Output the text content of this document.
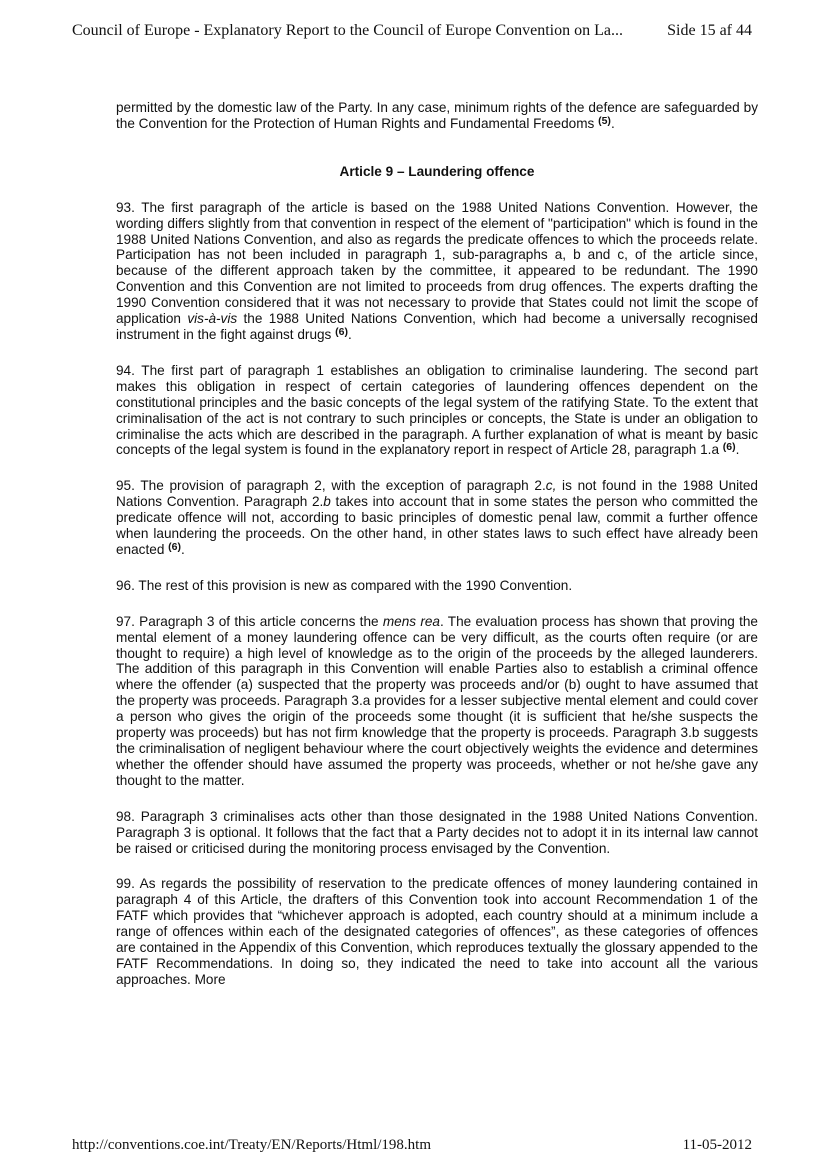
Council of Europe - Explanatory Report to the Council of Europe Convention on La...	Side 15 af 44

permitted by the domestic law of the Party. In any case, minimum rights of the defence are safeguarded by the Convention for the Protection of Human Rights and Fundamental Freedoms $^{(5)}$.

Article 9 – Laundering offence

93. The first paragraph of the article is based on the 1988 United Nations Convention. However, the wording differs slightly from that convention in respect of the element of "participation" which is found in the 1988 United Nations Convention, and also as regards the predicate offences to which the proceeds relate. Participation has not been included in paragraph 1, sub-paragraphs a, b and c, of the article since, because of the different approach taken by the committee, it appeared to be redundant. The 1990 Convention and this Convention are not limited to proceeds from drug offences. The experts drafting the 1990 Convention considered that it was not necessary to provide that States could not limit the scope of application vis-à-vis the 1988 United Nations Convention, which had become a universally recognised instrument in the fight against drugs $^{(6)}$.

94. The first part of paragraph 1 establishes an obligation to criminalise laundering. The second part makes this obligation in respect of certain categories of laundering offences dependent on the constitutional principles and the basic concepts of the legal system of the ratifying State. To the extent that criminalisation of the act is not contrary to such principles or concepts, the State is under an obligation to criminalise the acts which are described in the paragraph. A further explanation of what is meant by basic concepts of the legal system is found in the explanatory report in respect of Article 28, paragraph 1.a $^{(6)}$.

95. The provision of paragraph 2, with the exception of paragraph 2.c, is not found in the 1988 United Nations Convention. Paragraph 2.b takes into account that in some states the person who committed the predicate offence will not, according to basic principles of domestic penal law, commit a further offence when laundering the proceeds. On the other hand, in other states laws to such effect have already been enacted $^{(6)}$.

96. The rest of this provision is new as compared with the 1990 Convention.

97. Paragraph 3 of this article concerns the mens rea. The evaluation process has shown that proving the mental element of a money laundering offence can be very difficult, as the courts often require (or are thought to require) a high level of knowledge as to the origin of the proceeds by the alleged launderers. The addition of this paragraph in this Convention will enable Parties also to establish a criminal offence where the offender (a) suspected that the property was proceeds and/or (b) ought to have assumed that the property was proceeds. Paragraph 3.a provides for a lesser subjective mental element and could cover a person who gives the origin of the proceeds some thought (it is sufficient that he/she suspects the property was proceeds) but has not firm knowledge that the property is proceeds. Paragraph 3.b suggests the criminalisation of negligent behaviour where the court objectively weights the evidence and determines whether the offender should have assumed the property was proceeds, whether or not he/she gave any thought to the matter.

98. Paragraph 3 criminalises acts other than those designated in the 1988 United Nations Convention. Paragraph 3 is optional. It follows that the fact that a Party decides not to adopt it in its internal law cannot be raised or criticised during the monitoring process envisaged by the Convention.

99. As regards the possibility of reservation to the predicate offences of money laundering contained in paragraph 4 of this Article, the drafters of this Convention took into account Recommendation 1 of the FATF which provides that “whichever approach is adopted, each country should at a minimum include a range of offences within each of the designated categories of offences”, as these categories of offences are contained in the Appendix of this Convention, which reproduces textually the glossary appended to the FATF Recommendations. In doing so, they indicated the need to take into account all the various approaches. More

http://conventions.coe.int/Treaty/EN/Reports/Html/198.htm	11-05-2012
